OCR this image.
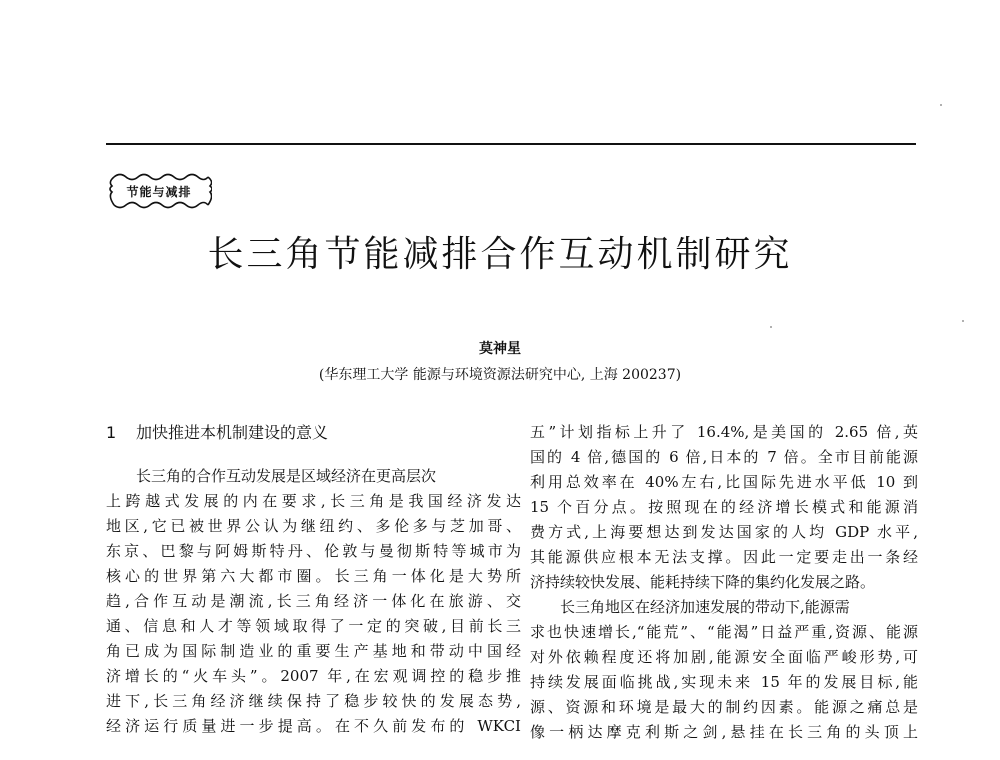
节能与减排
长三角节能减排合作互动机制研究
莫神星
(华东理工大学 能源与环境资源法研究中心, 上海 200237)
1 加快推进本机制建设的意义
长三角的合作互动发展是区域经济在更高层次
上跨越式发展的内在要求,长三角是我国经济发达
地区,它已被世界公认为继纽约、多伦多与芝加哥、
东京、巴黎与阿姆斯特丹、伦敦与曼彻斯特等城市为
核心的世界第六大都市圈。长三角一体化是大势所
趋,合作互动是潮流,长三角经济一体化在旅游、交
通、信息和人才等领域取得了一定的突破,目前长三
角已成为国际制造业的重要生产基地和带动中国经
济增长的“火车头”。2007 年,在宏观调控的稳步推
进下,长三角经济继续保持了稳步较快的发展态势,
经济运行质量进一步提高。在不久前发布的 WKCI
五”计划指标上升了 16.4%,是美国的 2.65 倍,英
国的 4 倍,德国的 6 倍,日本的 7 倍。全市目前能源
利用总效率在 40%左右,比国际先进水平低 10 到
15 个百分点。按照现在的经济增长模式和能源消
费方式,上海要想达到发达国家的人均 GDP 水平,
其能源供应根本无法支撑。因此一定要走出一条经
济持续较快发展、能耗持续下降的集约化发展之路。
长三角地区在经济加速发展的带动下,能源需
求也快速增长,“能荒”、“能渴”日益严重,资源、能源
对外依赖程度还将加剧,能源安全面临严峻形势,可
持续发展面临挑战,实现未来 15 年的发展目标,能
源、资源和环境是最大的制约因素。能源之痛总是
像一柄达摩克利斯之剑,悬挂在长三角的头顶上
